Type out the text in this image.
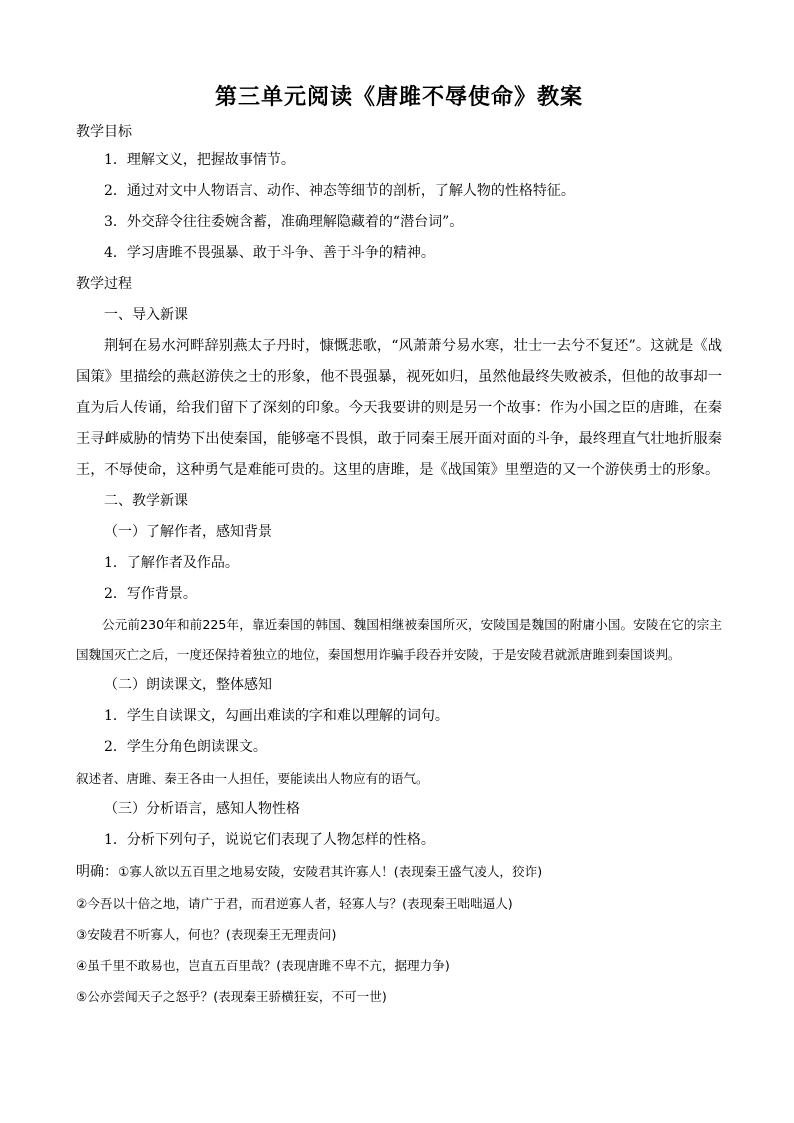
第三单元阅读《唐雎不辱使命》教案

教学目标

1．理解文义，把握故事情节。

2．通过对文中人物语言、动作、神态等细节的剖析，了解人物的性格特征。

3．外交辞令往往委婉含蓄，准确理解隐藏着的“潜台词”。

4．学习唐雎不畏强暴、敢于斗争、善于斗争的精神。

教学过程

一、导入新课

荆轲在易水河畔辞别燕太子丹时，慷慨悲歌，“风萧萧兮易水寒，壮士一去兮不复还”。这就是《战国策》里描绘的燕赵游侠之士的形象，他不畏强暴，视死如归，虽然他最终失败被杀，但他的故事却一直为后人传诵，给我们留下了深刻的印象。今天我要讲的则是另一个故事：作为小国之臣的唐雎，在秦王寻衅威胁的情势下出使秦国，能够毫不畏惧，敢于同秦王展开面对面的斗争，最终理直气壮地折服秦王，不辱使命，这种勇气是难能可贵的。这里的唐雎，是《战国策》里塑造的又一个游侠勇士的形象。

二、教学新课

（一）了解作者，感知背景

1．了解作者及作品。

2．写作背景。

公元前230年和前225年，靠近秦国的韩国、魏国相继被秦国所灭，安陵国是魏国的附庸小国。安陵在它的宗主国魏国灭亡之后，一度还保持着独立的地位，秦国想用诈骗手段吞并安陵，于是安陵君就派唐雎到秦国谈判。

（二）朗读课文，整体感知

1．学生自读课文，勾画出难读的字和难以理解的词句。

2．学生分角色朗读课文。

叙述者、唐雎、秦王各由一人担任，要能读出人物应有的语气。

（三）分析语言，感知人物性格

1．分析下列句子，说说它们表现了人物怎样的性格。

明确：①寡人欲以五百里之地易安陵，安陵君其许寡人！(表现秦王盛气凌人，狡诈)

②今吾以十倍之地，请广于君，而君逆寡人者，轻寡人与？(表现秦王咄咄逼人)

③安陵君不听寡人，何也？(表现秦王无理责问)

④虽千里不敢易也，岂直五百里哉？(表现唐雎不卑不亢，据理力争)

⑤公亦尝闻天子之怒乎？(表现秦王骄横狂妄，不可一世)
